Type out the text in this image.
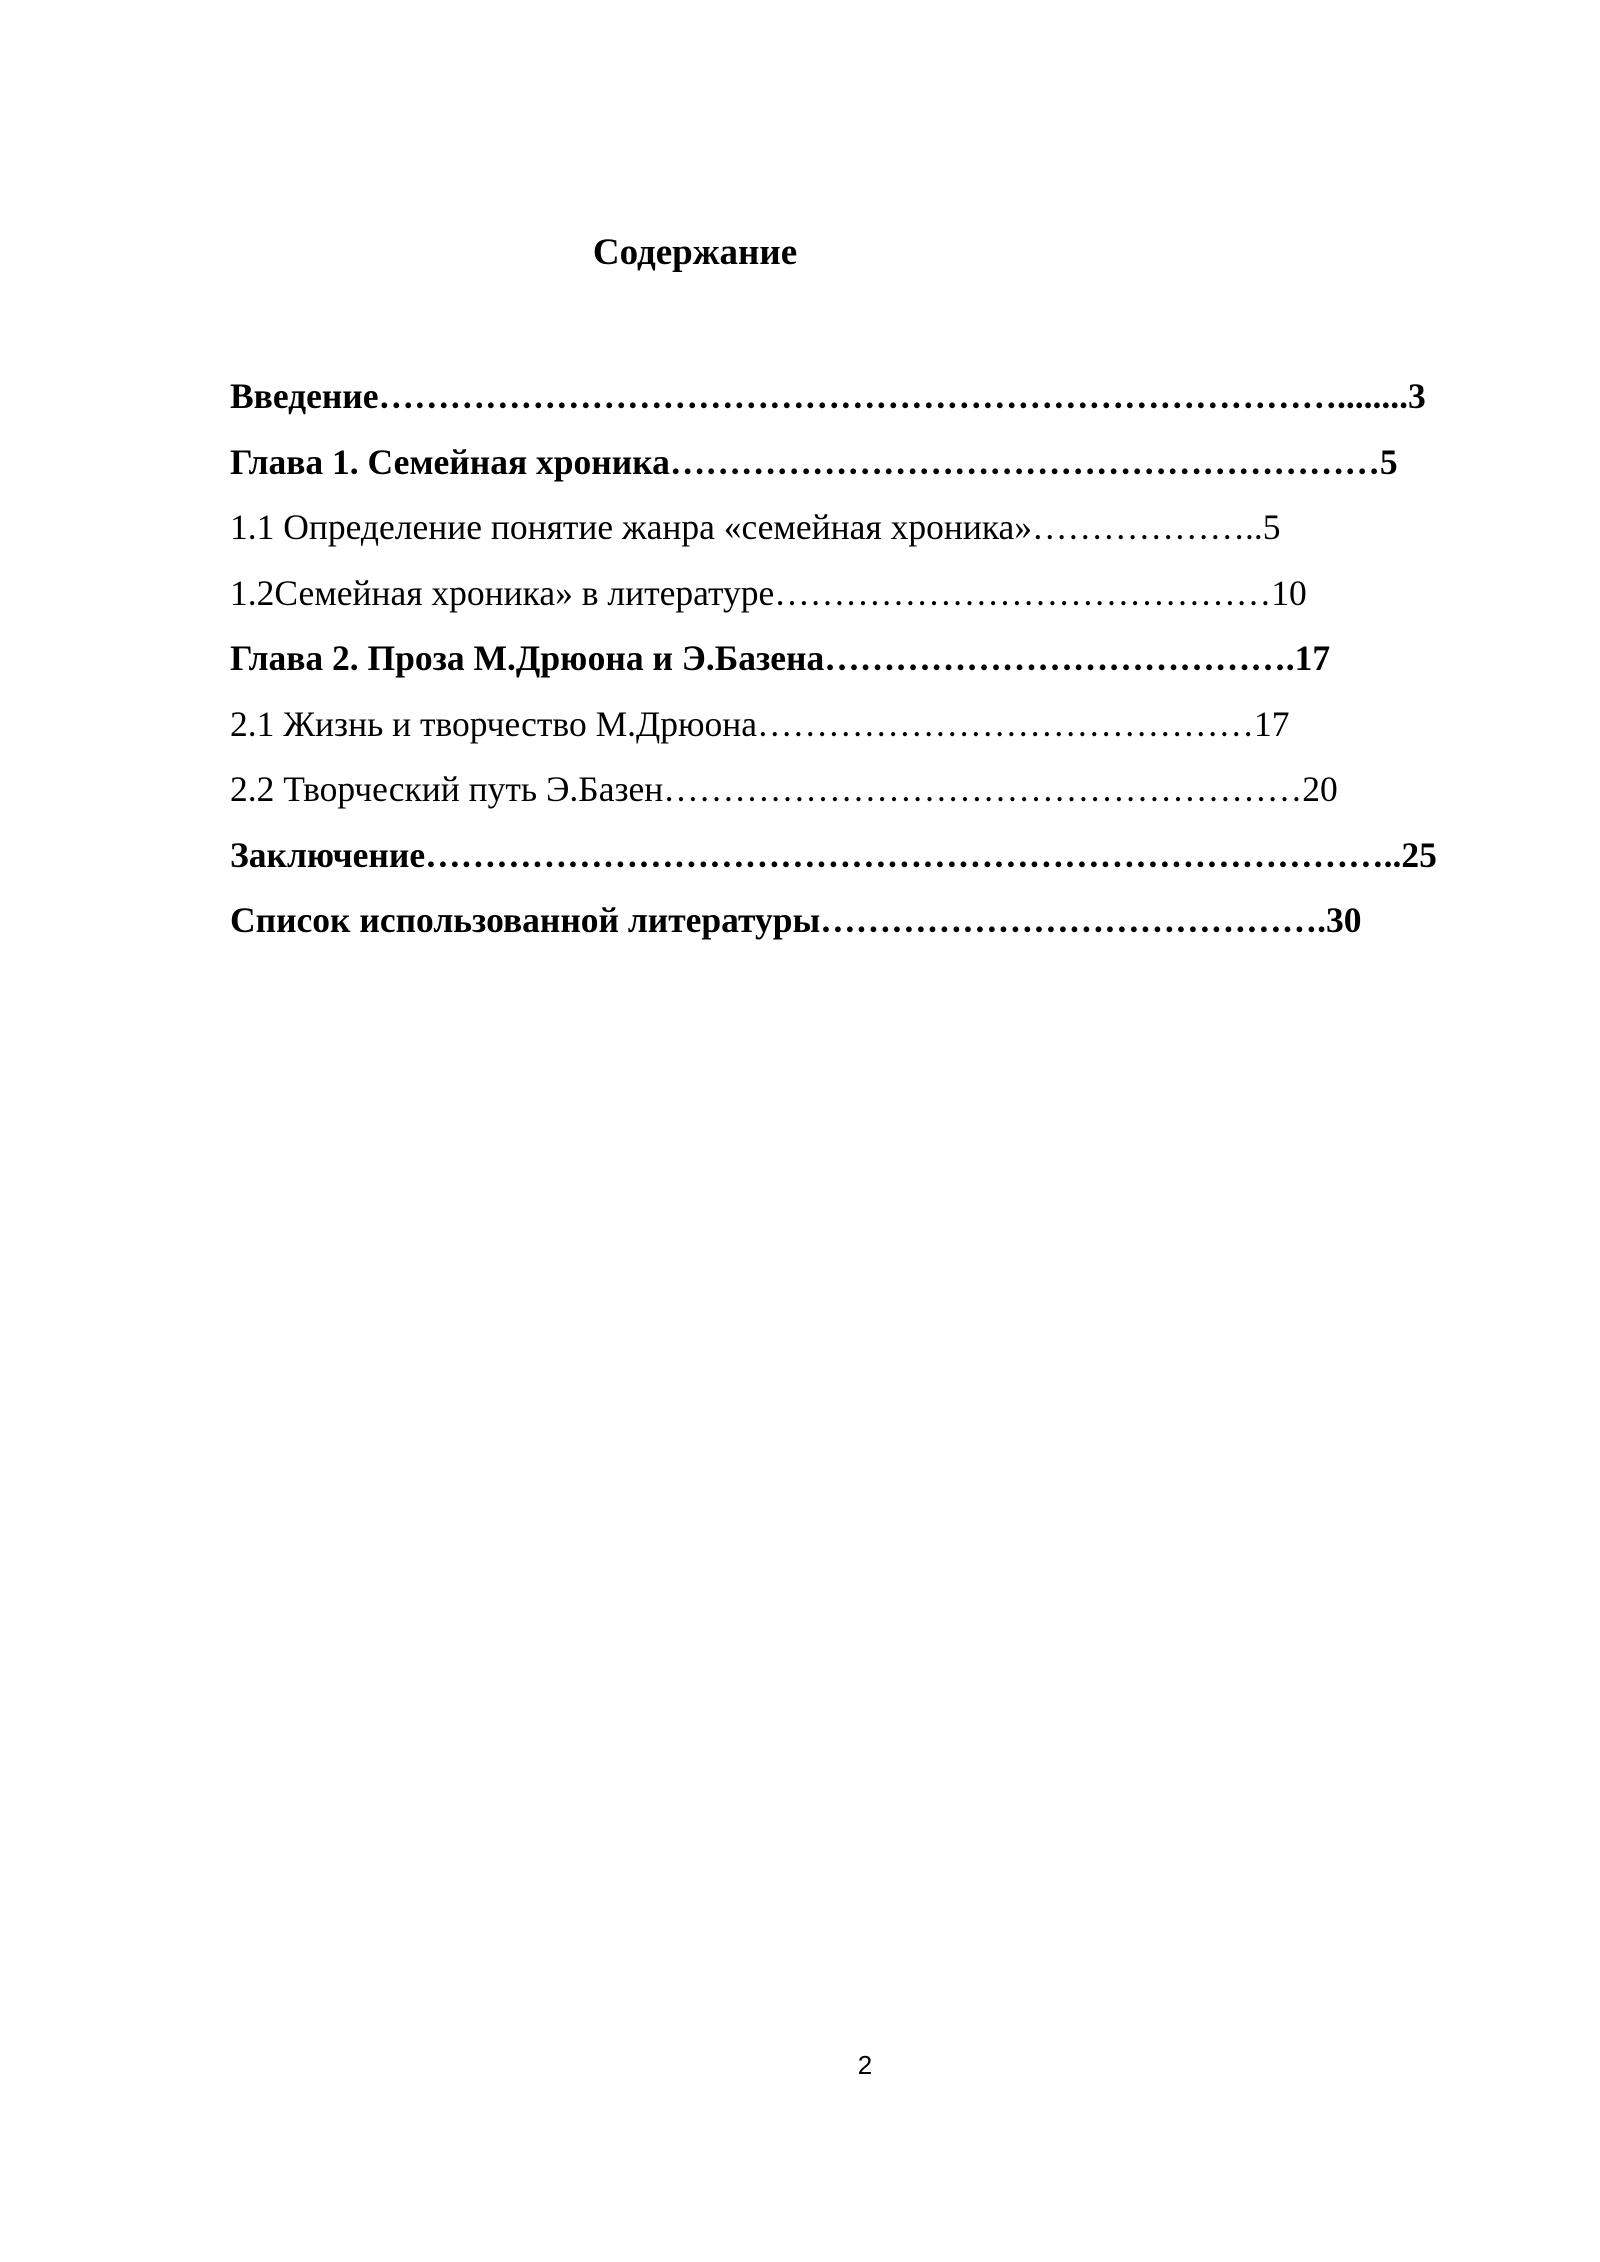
Содержание
Введение………………………………………………………………………........3
Глава 1. Семейная хроника……………………………………………………5
1.1 Определение понятие жанра «семейная хроника»………………..5
1.2Семейная хроника» в литературе……………………………………10
Глава 2. Проза М.Дрюона и Э.Базена………………………………….17
2.1 Жизнь и творчество М.Дрюона……………………………………17
2.2 Творческий путь Э.Базен………………………………………………20
Заключение………………………………………………………………………..25
Список использованной литературы…………………………………….30
2
